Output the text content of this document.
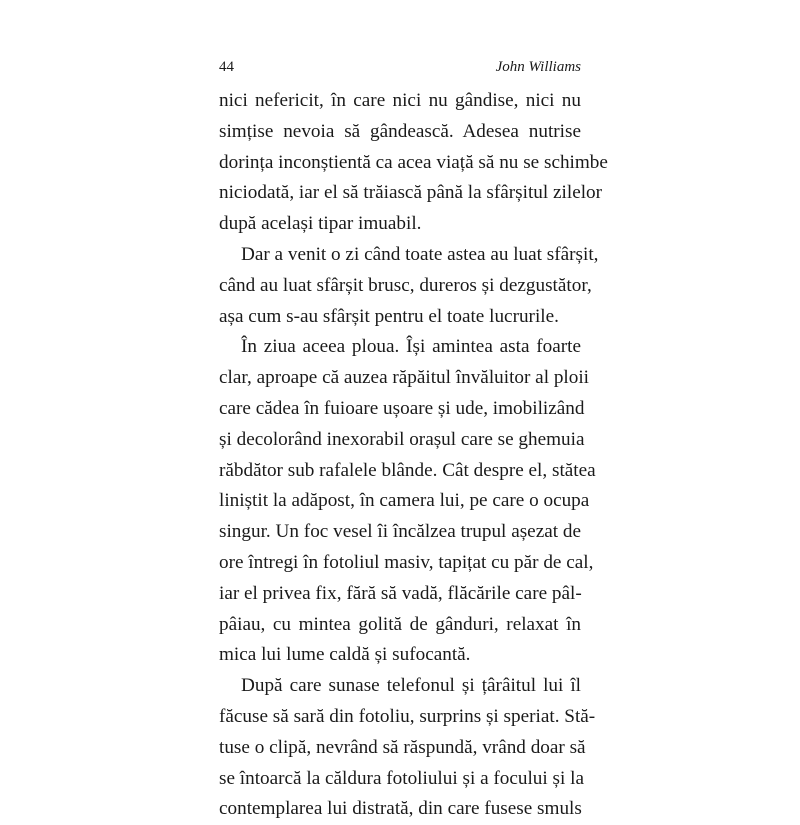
44	John Williams
nici nefericit, în care nici nu gândise, nici nu
simțise nevoia să gândească. Adesea nutrise
dorința inconștientă ca acea viață să nu se schimbe
niciodată, iar el să trăiască până la sfârșitul zilelor
după același tipar imuabil.
Dar a venit o zi când toate astea au luat sfârșit,
când au luat sfârșit brusc, dureros și dezgustător,
așa cum s-au sfârșit pentru el toate lucrurile.
În ziua aceea ploua. Își amintea asta foarte
clar, aproape că auzea răpăitul învăluitor al ploii
care cădea în fuioare ușoare și ude, imobilizând
și decolorând inexorabil orașul care se ghemuia
răbdător sub rafalele blânde. Cât despre el, stătea
liniștit la adăpost, în camera lui, pe care o ocupa
singur. Un foc vesel îi încălzea trupul așezat de
ore întregi în fotoliul masiv, tapițat cu păr de cal,
iar el privea fix, fără să vadă, flăcările care pâl-
pâiau, cu mintea golită de gânduri, relaxat în
mica lui lume caldă și sufocantă.
După care sunase telefonul și țârâitul lui îl
făcuse să sară din fotoliu, surprins și speriat. Stă-
tuse o clipă, nevrând să răspundă, vrând doar să
se întoarcă la căldura fotoliului și a focului și la
contemplarea lui distrată, din care fusese smuls
